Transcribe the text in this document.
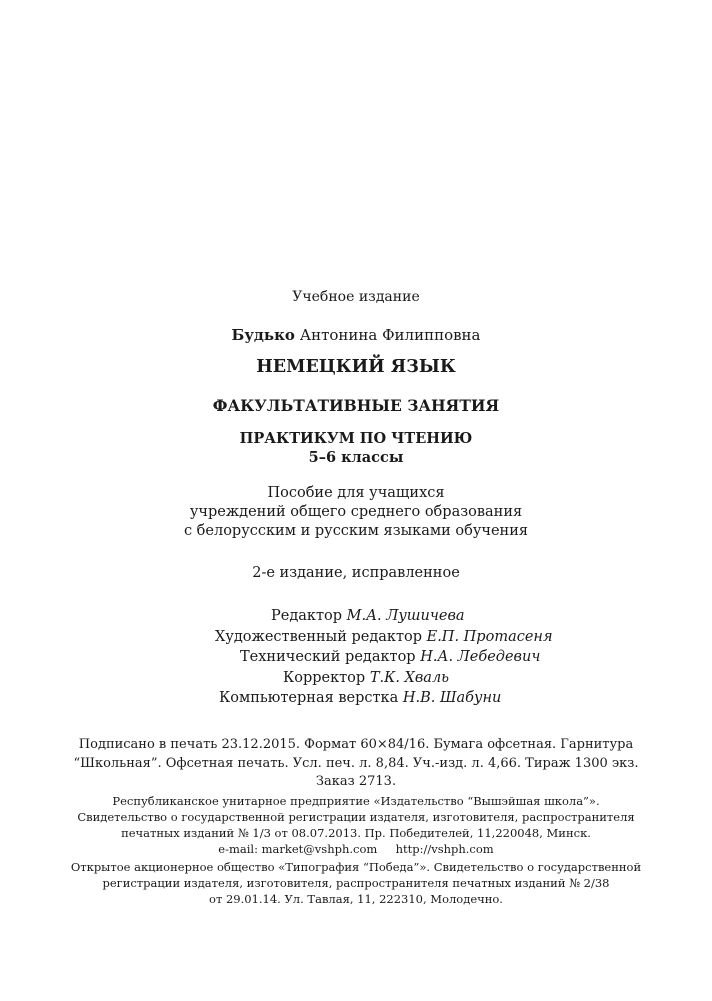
Учебное издание
Будько Антонина Филипповна
НЕМЕЦКИЙ ЯЗЫК
ФАКУЛЬТАТИВНЫЕ ЗАНЯТИЯ
ПРАКТИКУМ ПО ЧТЕНИЮ
5–6 классы
Пособие для учащихся
учреждений общего среднего образования
с белорусским и русским языками обучения
2-е издание, исправленное
Редактор М.А. Лушичева
Художественный редактор Е.П. Протасеня
Технический редактор Н.А. Лебедевич
Корректор Т.К. Хваль
Компьютерная верстка Н.В. Шабуни
Подписано в печать 23.12.2015. Формат 60×84/16. Бумага офсетная. Гарнитура
“Школьная”. Офсетная печать. Усл. печ. л. 8,84. Уч.-изд. л. 4,66. Тираж 1300 экз.
Заказ 2713.
Республиканское унитарное предприятие «Издательство “Вышэйшая школа”».
Свидетельство о государственной регистрации издателя, изготовителя, распространителя
печатных изданий № 1/3 от 08.07.2013. Пр. Победителей, 11,220048, Минск.
e-mail: market@vshph.com     http://vshph.com
Открытое акционерное общество «Типография “Победа”». Свидетельство о государственной
регистрации издателя, изготовителя, распространителя печатных изданий № 2/38
от 29.01.14. Ул. Тавлая, 11, 222310, Молодечно.
